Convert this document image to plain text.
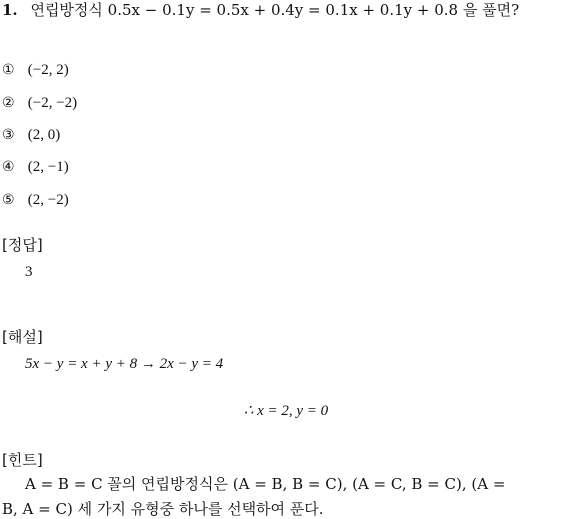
1. 연립방정식 0.5x − 0.1y = 0.5x + 0.4y = 0.1x + 0.1y + 0.8 을 풀면?
① (−2, 2)
② (−2, −2)
③ (2, 0)
④ (2, −1)
⑤ (2, −2)
[정답]
3
[해설]
5x − y = x + y + 8 → 2x − y = 4
∴ x = 2, y = 0
[힌트]
A = B = C 꼴의 연립방정식은 (A = B, B = C), (A = C, B = C), (A =
B, A = C) 세 가지 유형중 하나를 선택하여 푼다.
